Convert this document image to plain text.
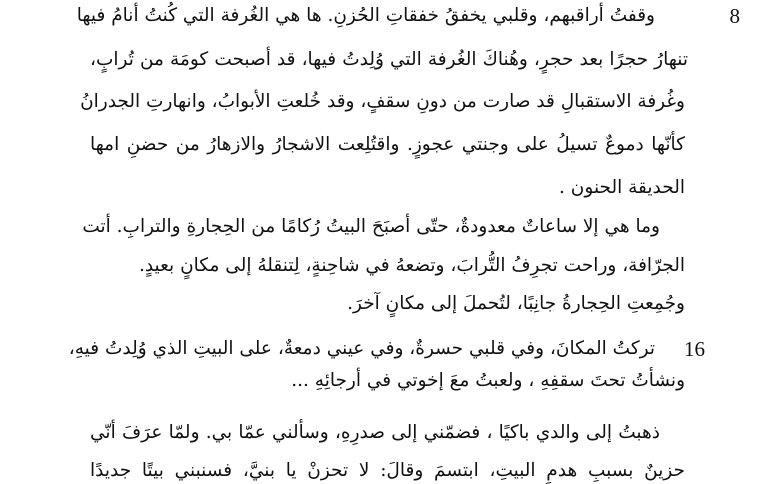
8
وقفتُ أراقبهم، وقلبي يخفقُ خفقاتِ الحُزنِ. ها هي الغُرفة التي كُنتُ أنامُ فيها
تنهارُ حجرًا بعد حجرٍ، وهُناكَ الغُرفة التي وُلِدتُ فيها، قد أصبحت كومَة من تُرابٍ،
وغُرفة الاستقبالِ قد صارت من دونِ سقفٍ، وقد خُلعتِ الأبوابُ، وانهارتِ الجدرانُ
كأنّها دموعٌ تسيلُ على وجنتي عجوزٍ. واقتُلِعت الاشجارُ والازهارُ من حضنِ امها
الحديقة الحنون .
وما هي إلا ساعاتٌ معدودةٌ، حتّى أصبَحَ البيتُ رُكامًا من الحِجارةِ والترابِ. أتت
الجرّافة، وراحت تجرِفُ التُّرابَ، وتضعهُ في شاحِنةٍ، لِتنقلهُ إلى مكانٍ بعيدٍ.
وجُمِعتِ الحِجارةُ جانِبًا، لتُحملَ إلى مكانٍ آخرَ.
16
تركتُ المكانَ، وفي قلبي حسرةٌ، وفي عيني دمعةٌ، على البيتِ الذي وُلِدتُ فيهِ،
ونشأتُ تحتَ سقفِهِ ، ولعبتُ معَ إخوتي في أرجائِهِ ...
ذهبتُ إلى والدي باكيًا ، فضمّني إلى صدرِهِ، وسألني عمّا بي. ولمّا عرَفَ أنّي
حزينٌ بسببِ هدمِ البيتِ، ابتسمَ وقالَ: لا تحزنْ يا بنيَّ، فسنبني بيتًا جديدًا
